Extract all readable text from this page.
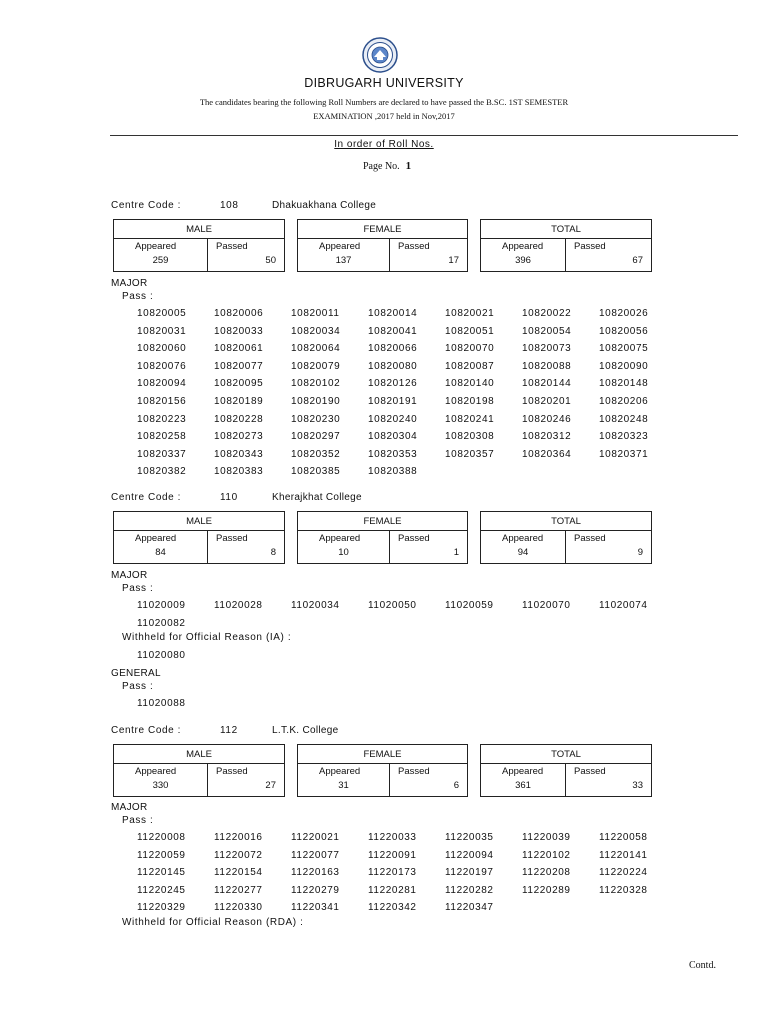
DIBRUGARH UNIVERSITY
The candidates bearing the following Roll Numbers are declared to have passed the B.SC. 1ST SEMESTER
EXAMINATION ,2017 held in Nov,2017
In order of Roll Nos.
Page No. 1
Centre Code :	108	Dhakuakhana College
MALE
Appeared	Passed
259	50
FEMALE
Appeared	Passed
137	17
TOTAL
Appeared	Passed
396	67
MAJOR
Pass :
10820005	10820006	10820011	10820014	10820021	10820022	10820026
10820031	10820033	10820034	10820041	10820051	10820054	10820056
10820060	10820061	10820064	10820066	10820070	10820073	10820075
10820076	10820077	10820079	10820080	10820087	10820088	10820090
10820094	10820095	10820102	10820126	10820140	10820144	10820148
10820156	10820189	10820190	10820191	10820198	10820201	10820206
10820223	10820228	10820230	10820240	10820241	10820246	10820248
10820258	10820273	10820297	10820304	10820308	10820312	10820323
10820337	10820343	10820352	10820353	10820357	10820364	10820371
10820382	10820383	10820385	10820388
Centre Code :	110	Kherajkhat College
MALE
Appeared	Passed
84	8
FEMALE
Appeared	Passed
10	1
TOTAL
Appeared	Passed
94	9
MAJOR
Pass :
11020009	11020028	11020034	11020050	11020059	11020070	11020074
11020082
Withheld for Official Reason (IA) :
11020080
GENERAL
Pass :
11020088
Centre Code :	112	L.T.K. College
MALE
Appeared	Passed
330	27
FEMALE
Appeared	Passed
31	6
TOTAL
Appeared	Passed
361	33
MAJOR
Pass :
11220008	11220016	11220021	11220033	11220035	11220039	11220058
11220059	11220072	11220077	11220091	11220094	11220102	11220141
11220145	11220154	11220163	11220173	11220197	11220208	11220224
11220245	11220277	11220279	11220281	11220282	11220289	11220328
11220329	11220330	11220341	11220342	11220347
Withheld for Official Reason (RDA) :
Contd.
